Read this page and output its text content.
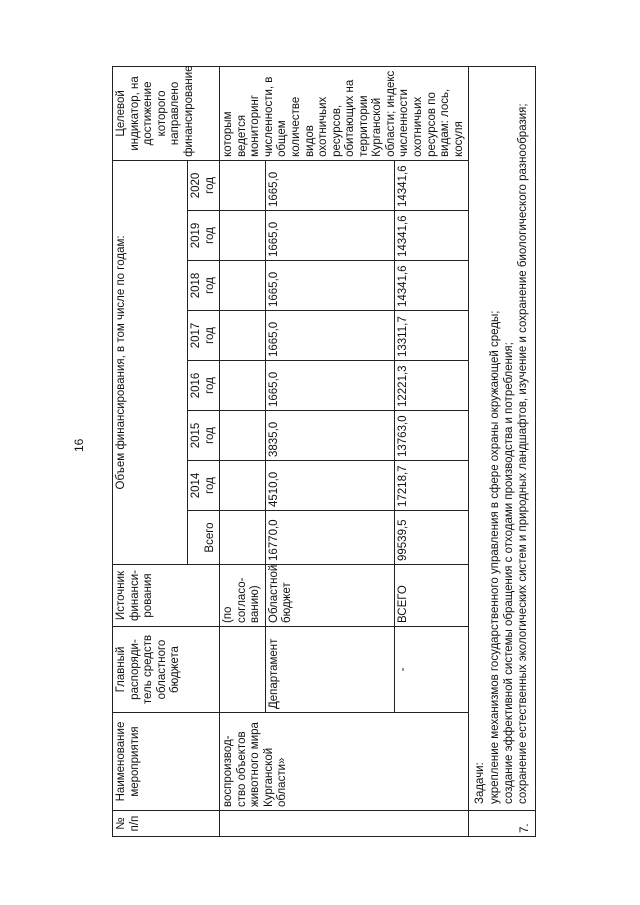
16
№ п/п	Наименование мероприятия	Главный распоряди-тель средств областного бюджета	Источник финанси-рования	Объем финансирования, в том числе по годам:								Целевой индикатор, на достижение которого направлено финансирование
				Всего	2014 год	2015 год	2016 год	2017 год	2018 год	2019 год	2020 год	
	воспроизвод-ство объектов животного мира Курганской области»		(по согласо-ванию)									которым ведется мониторинг численности, в общем количестве видов охотничьих ресурсов, обитающих на территории Курганской области; индекс численности охотничьих ресурсов по видам: лось, косуля
		Департамент	Областной бюджет	16770,0	4510,0	3835,0	1665,0	1665,0	1665,0	1665,0	1665,0	
		-	ВСЕГО	99539,5	17218,7	13763,0	12221,3	13311,7	14341,6	14341,6	14341,6	
7.	Задачи: укрепление механизмов государственного управления в сфере охраны окружающей среды; создание эффективной системы обращения с отходами производства и потребления; сохранение естественных экологических систем и природных ландшафтов, изучение и сохранение биологического разнообразия;											
